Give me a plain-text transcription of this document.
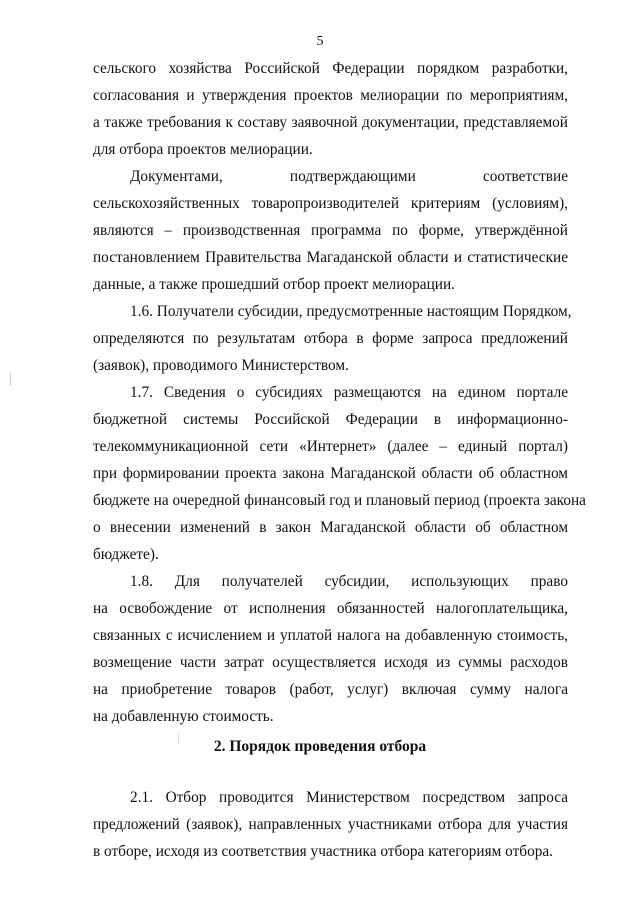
5
сельского хозяйства Российской Федерации порядком разработки,
согласования и утверждения проектов мелиорации по мероприятиям,
а также требования к составу заявочной документации, представляемой
для отбора проектов мелиорации.
Документами, подтверждающими соответствие
сельскохозяйственных товаропроизводителей критериям (условиям),
являются – производственная программа по форме, утверждённой
постановлением Правительства Магаданской области и статистические
данные, а также прошедший отбор проект мелиорации.
1.6. Получатели субсидии, предусмотренные настоящим Порядком,
определяются по результатам отбора в форме запроса предложений
(заявок), проводимого Министерством.
1.7. Сведения о субсидиях размещаются на едином портале
бюджетной системы Российской Федерации в информационно-
телекоммуникационной сети «Интернет» (далее – единый портал)
при формировании проекта закона Магаданской области об областном
бюджете на очередной финансовый год и плановый период (проекта закона
о внесении изменений в закон Магаданской области об областном
бюджете).
1.8. Для получателей субсидии, использующих право
на освобождение от исполнения обязанностей налогоплательщика,
связанных с исчислением и уплатой налога на добавленную стоимость,
возмещение части затрат осуществляется исходя из суммы расходов
на приобретение товаров (работ, услуг) включая сумму налога
на добавленную стоимость.
2. Порядок проведения отбора
2.1. Отбор проводится Министерством посредством запроса
предложений (заявок), направленных участниками отбора для участия
в отборе, исходя из соответствия участника отбора категориям отбора.
